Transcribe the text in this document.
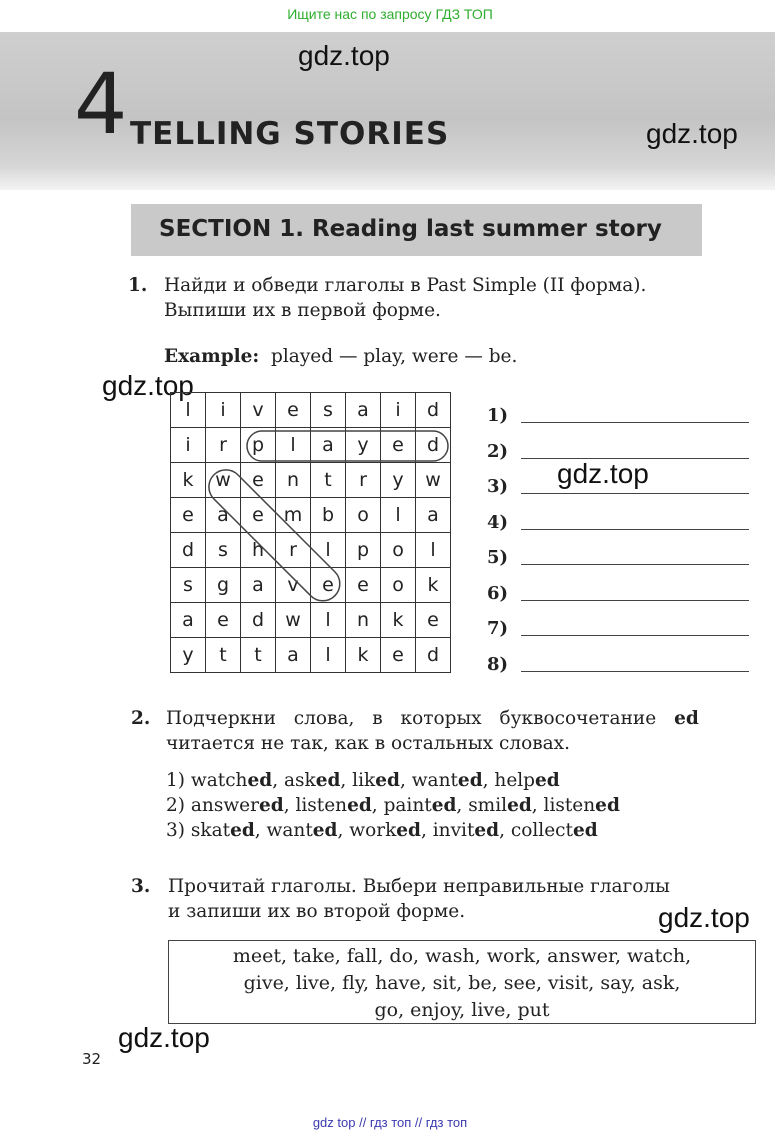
Ищите нас по запросу ГДЗ ТОП
4 TELLING STORIES
gdz.top
gdz.top
SECTION 1. Reading last summer story
1. Найди и обведи глаголы в Past Simple (II форма).
Выпиши их в первой форме.
Example: played — play, were — be.
gdz.top
l	i	v	e	s	a	i	d
i	r	p	l	a	y	e	d
k	w	e	n	t	r	y	w
e	a	e	m	b	o	l	a
d	s	h	r	l	p	o	l
s	g	a	v	e	e	o	k
a	e	d	w	l	n	k	e
y	t	t	a	l	k	e	d
1)
2)
3)
4)
5)
6)
7)
8)
gdz.top
2. Подчеркни слова, в которых буквосочетание ed
читается не так, как в остальных словах.
1) watched, asked, liked, wanted, helped
2) answered, listened, painted, smiled, listened
3) skated, wanted, worked, invited, collected
3. Прочитай глаголы. Выбери неправильные глаголы
и запиши их во второй форме.	gdz.top
meet, take, fall, do, wash, work, answer, watch,
give, live, fly, have, sit, be, see, visit, say, ask,
go, enjoy, live, put
32
gdz.top
gdz top // гдз топ // гдз топ
